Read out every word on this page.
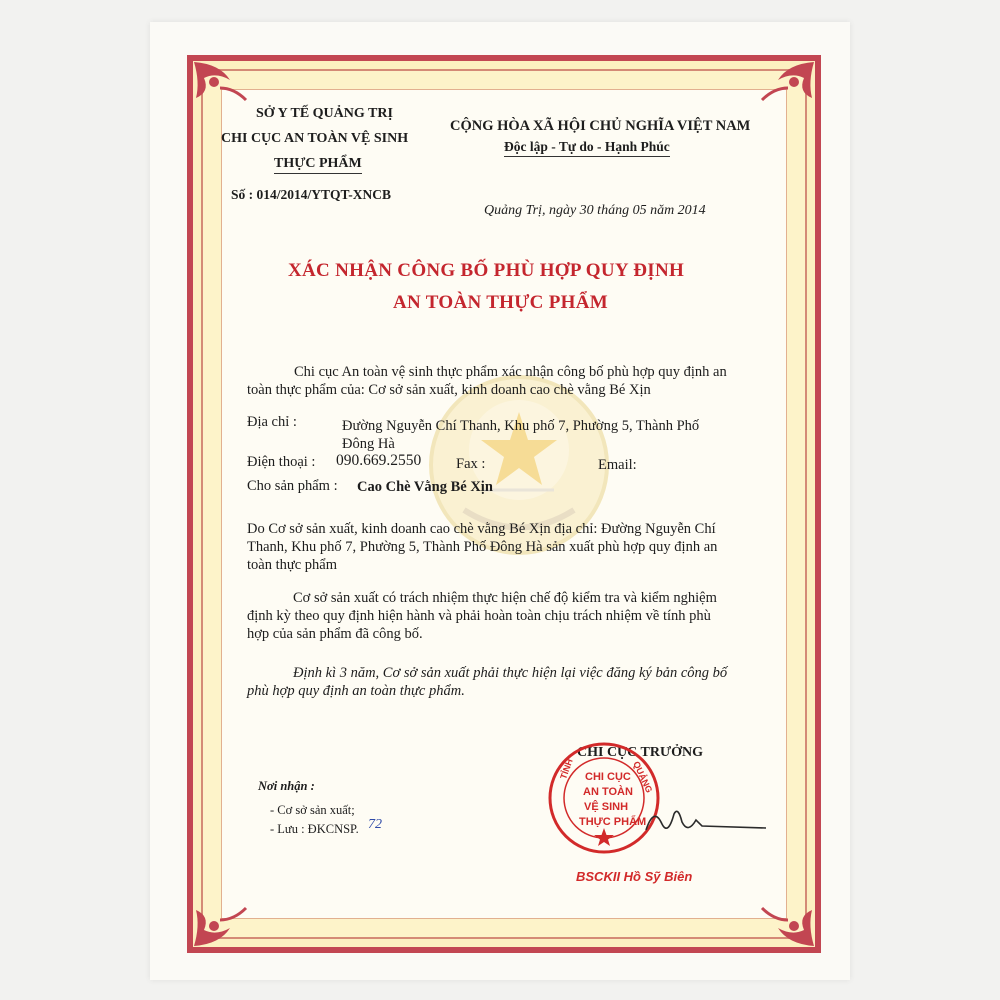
SỞ Y TẾ QUẢNG TRỊ
CHI CỤC AN TOÀN VỆ SINH
THỰC PHẨM
Số : 014/2014/YTQT-XNCB
CỘNG HÒA XÃ HỘI CHỦ NGHĨA VIỆT NAM
Độc lập - Tự do - Hạnh Phúc
Quảng Trị, ngày 30 tháng 05 năm 2014
XÁC NHẬN CÔNG BỐ PHÙ HỢP QUY ĐỊNH
AN TOÀN THỰC PHẨM
Chi cục An toàn vệ sinh thực phẩm xác nhận công bố phù hợp quy định an
toàn thực phẩm của: Cơ sở sản xuất, kinh doanh cao chè vằng Bé Xịn
Địa chỉ :	Đường Nguyễn Chí Thanh, Khu phố 7, Phường 5, Thành Phố
Đông Hà
Điện thoại : 090.669.2550 Fax :	Email:
Cho sản phẩm : Cao Chè Vằng Bé Xịn
Do Cơ sở sản xuất, kinh doanh cao chè vằng Bé Xịn địa chỉ: Đường Nguyễn Chí
Thanh, Khu phố 7, Phường 5, Thành Phố Đông Hà sản xuất phù hợp quy định an
toàn thực phẩm
Cơ sở sản xuất có trách nhiệm thực hiện chế độ kiểm tra và kiểm nghiệm
định kỳ theo quy định hiện hành và phải hoàn toàn chịu trách nhiệm về tính phù
hợp của sản phẩm đã công bố.
Định kì 3 năm, Cơ sở sản xuất phải thực hiện lại việc đăng ký bản công bố
phù hợp quy định an toàn thực phẩm.
CHI CỤC TRƯỞNG
TỈNH	QUẢNG
CHI CỤC
AN TOÀN
VỆ SINH
THỰC PHẨM
BSCKII Hồ Sỹ Biên
Nơi nhận :
- Cơ sở sản xuất;
- Lưu : ĐKCNSP. 72
